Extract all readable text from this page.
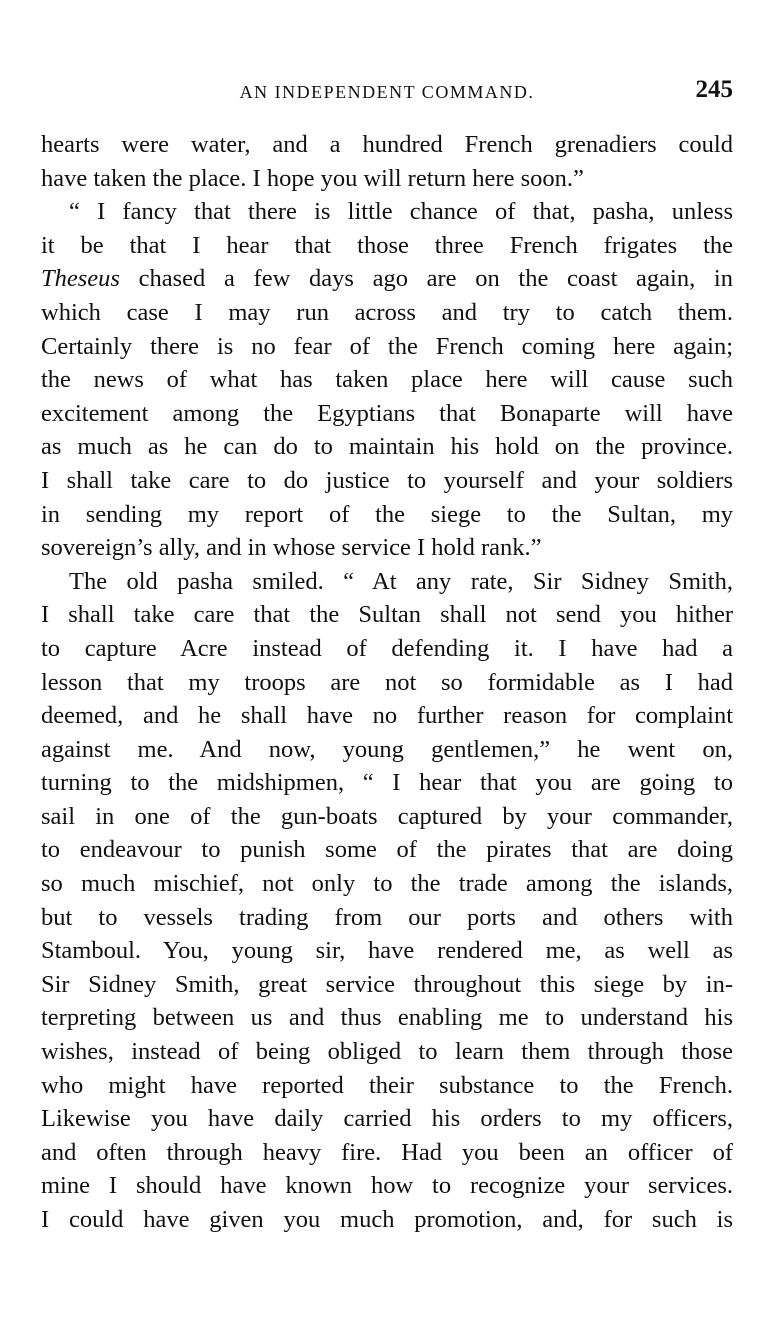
AN INDEPENDENT COMMAND.	245
hearts were water, and a hundred French grenadiers could
have taken the place. I hope you will return here soon.”
“ I fancy that there is little chance of that, pasha, unless
it be that I hear that those three French frigates the
Theseus chased a few days ago are on the coast again, in
which case I may run across and try to catch them.
Certainly there is no fear of the French coming here again;
the news of what has taken place here will cause such
excitement among the Egyptians that Bonaparte will have
as much as he can do to maintain his hold on the province.
I shall take care to do justice to yourself and your soldiers
in sending my report of the siege to the Sultan, my
sovereign’s ally, and in whose service I hold rank.”
The old pasha smiled. “ At any rate, Sir Sidney Smith,
I shall take care that the Sultan shall not send you hither
to capture Acre instead of defending it. I have had a
lesson that my troops are not so formidable as I had
deemed, and he shall have no further reason for complaint
against me. And now, young gentlemen,” he went on,
turning to the midshipmen, “ I hear that you are going to
sail in one of the gun-boats captured by your commander,
to endeavour to punish some of the pirates that are doing
so much mischief, not only to the trade among the islands,
but to vessels trading from our ports and others with
Stamboul. You, young sir, have rendered me, as well as
Sir Sidney Smith, great service throughout this siege by in-
terpreting between us and thus enabling me to understand his
wishes, instead of being obliged to learn them through those
who might have reported their substance to the French.
Likewise you have daily carried his orders to my officers,
and often through heavy fire. Had you been an officer of
mine I should have known how to recognize your services.
I could have given you much promotion, and, for such is
